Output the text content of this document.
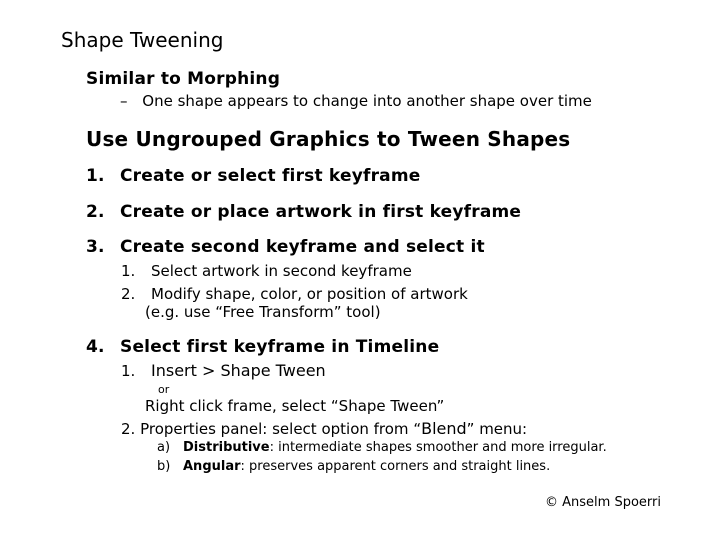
Shape Tweening
Similar to Morphing
– One shape appears to change into another shape over time
Use Ungrouped Graphics to Tween Shapes
1. Create or select first keyframe
2. Create or place artwork in first keyframe
3. Create second keyframe and select it
1. Select artwork in second keyframe
2. Modify shape, color, or position of artwork
(e.g. use “Free Transform” tool)
4. Select first keyframe in Timeline
1. Insert > Shape Tween
or
Right click frame, select “Shape Tween”
2. Properties panel: select option from “Blend” menu:
a) Distributive: intermediate shapes smoother and more irregular.
b) Angular: preserves apparent corners and straight lines.
© Anselm Spoerri
